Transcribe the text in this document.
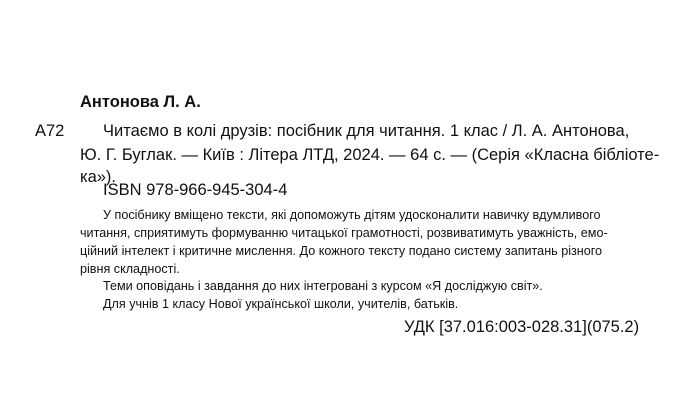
Антонова Л. А.
А72 Читаємо в колі друзів: посібник для читання. 1 клас / Л. А. Антонова,
Ю. Г. Буглак. — Київ : Літера ЛТД, 2024. — 64 с. — (Серія «Класна бібліоте-
ка»).
ISBN 978-966-945-304-4
У посібнику вміщено тексти, які допоможуть дітям удосконалити навичку вдумливого
читання, сприятимуть формуванню читацької грамотності, розвиватимуть уважність, емо-
ційний інтелект і критичне мислення. До кожного тексту подано систему запитань різного
рівня складності.
Теми оповідань і завдання до них інтегровані з курсом «Я досліджую світ».
Для учнів 1 класу Нової української школи, учителів, батьків.
УДК [37.016:003-028.31](075.2)
